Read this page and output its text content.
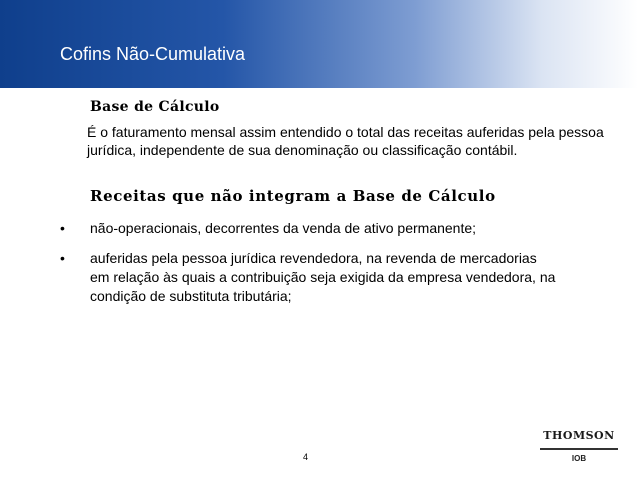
Cofins Não-Cumulativa
Base de Cálculo
É o faturamento mensal assim entendido o total das receitas auferidas pela pessoa jurídica, independente de sua denominação ou classificação contábil.
Receitas que não integram a Base de Cálculo
• não-operacionais, decorrentes da venda de ativo permanente;
• auferidas pela pessoa jurídica revendedora, na revenda de mercadorias em relação às quais a contribuição seja exigida da empresa vendedora, na condição de substituta tributária;
4
THOMSON
IOB
